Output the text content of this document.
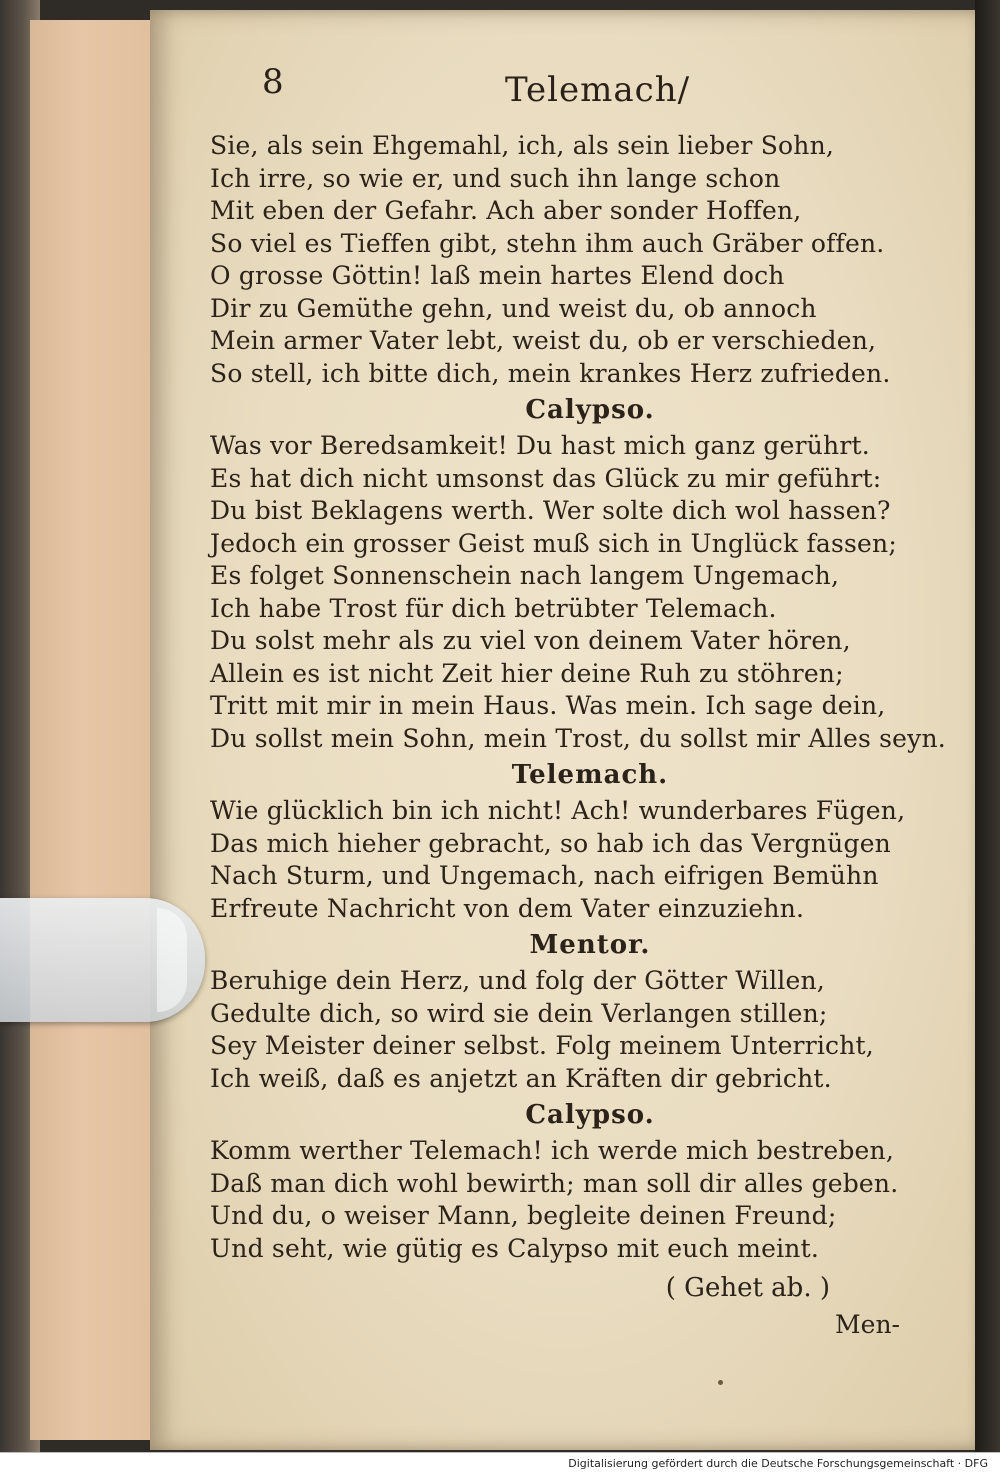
8	Telemach/
Sie, als sein Ehgemahl, ich, als sein lieber Sohn,
Ich irre, so wie er, und such ihn lange schon
Mit eben der Gefahr. Ach aber sonder Hoffen,
So viel es Tieffen gibt, stehn ihm auch Gräber offen.
O grosse Göttin! laß mein hartes Elend doch
Dir zu Gemüthe gehn, und weist du, ob annoch
Mein armer Vater lebt, weist du, ob er verschieden,
So stell, ich bitte dich, mein krankes Herz zufrieden.
Calypso.
Was vor Beredsamkeit! Du hast mich ganz gerührt.
Es hat dich nicht umsonst das Glück zu mir geführt:
Du bist Beklagens werth. Wer solte dich wol hassen?
Jedoch ein grosser Geist muß sich in Unglück fassen;
Es folget Sonnenschein nach langem Ungemach,
Ich habe Trost für dich betrübter Telemach.
Du solst mehr als zu viel von deinem Vater hören,
Allein es ist nicht Zeit hier deine Ruh zu stöhren;
Tritt mit mir in mein Haus. Was mein. Ich sage dein,
Du sollst mein Sohn, mein Trost, du sollst mir Alles seyn.
Telemach.
Wie glücklich bin ich nicht! Ach! wunderbares Fügen,
Das mich hieher gebracht, so hab ich das Vergnügen
Nach Sturm, und Ungemach, nach eifrigen Bemühn
Erfreute Nachricht von dem Vater einzuziehn.
Mentor.
Beruhige dein Herz, und folg der Götter Willen,
Gedulte dich, so wird sie dein Verlangen stillen;
Sey Meister deiner selbst. Folg meinem Unterricht,
Ich weiß, daß es anjetzt an Kräften dir gebricht.
Calypso.
Komm werther Telemach! ich werde mich bestreben,
Daß man dich wohl bewirth; man soll dir alles geben.
Und du, o weiser Mann, begleite deinen Freund;
Und seht, wie gütig es Calypso mit euch meint.
( Gehet ab. )
Men-
Digitalisierung gefördert durch die Deutsche Forschungsgemeinschaft · DFG
